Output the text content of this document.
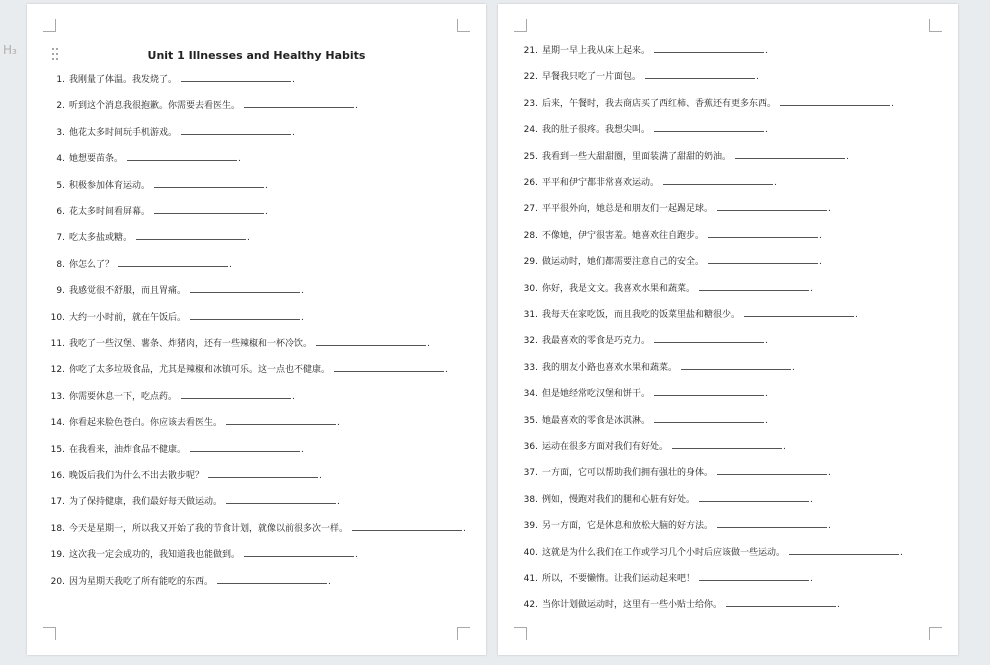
H₃	Unit 1 Illnesses and Healthy Habits
1. 我刚量了体温。我发烧了。	.
2. 听到这个消息我很抱歉。你需要去看医生。	.
3. 他花太多时间玩手机游戏。	.
4. 她想要苗条。	.
5. 积极参加体育运动。	.
6. 花太多时间看屏幕。	.
7. 吃太多盐或糖。	.
8. 你怎么了？	.
9. 我感觉很不舒服，而且胃痛。	.
10. 大约一小时前，就在午饭后。	.
11. 我吃了一些汉堡、薯条、炸猪肉，还有一些辣椒和一杯冷饮。	.
12. 你吃了太多垃圾食品，尤其是辣椒和冰镇可乐。这一点也不健康。	.
13. 你需要休息一下，吃点药。	.
14. 你看起来脸色苍白。你应该去看医生。	.
15. 在我看来，油炸食品不健康。	.
16. 晚饭后我们为什么不出去散步呢？	.
17. 为了保持健康，我们最好每天做运动。	.
18. 今天是星期一，所以我又开始了我的节食计划，就像以前很多次一样。	.
19. 这次我一定会成功的，我知道我也能做到。	.
20. 因为星期天我吃了所有能吃的东西。	.
21. 星期一早上我从床上起来。	.
22. 早餐我只吃了一片面包。	.
23. 后来，午餐时，我去商店买了西红柿、香蕉还有更多东西。	.
24. 我的肚子很疼。我想尖叫。	.
25. 我看到一些大甜甜圈，里面装满了甜甜的奶油。	.
26. 平平和伊宁都非常喜欢运动。	.
27. 平平很外向，她总是和朋友们一起踢足球。	.
28. 不像她，伊宁很害羞。她喜欢往自跑步。	.
29. 做运动时，她们都需要注意自己的安全。	.
30. 你好，我是文文。我喜欢水果和蔬菜。	.
31. 我每天在家吃饭，而且我吃的饭菜里盐和糖很少。	.
32. 我最喜欢的零食是巧克力。	.
33. 我的朋友小路也喜欢水果和蔬菜。	.
34. 但是她经常吃汉堡和饼干。	.
35. 她最喜欢的零食是冰淇淋。	.
36. 运动在很多方面对我们有好处。	.
37. 一方面，它可以帮助我们拥有强壮的身体。	.
38. 例如，慢跑对我们的腿和心脏有好处。	.
39. 另一方面，它是休息和放松大脑的好方法。	.
40. 这就是为什么我们在工作或学习几个小时后应该做一些运动。	.
41. 所以，不要懒惰。让我们运动起来吧！	.
42. 当你计划做运动时，这里有一些小贴士给你。	.
